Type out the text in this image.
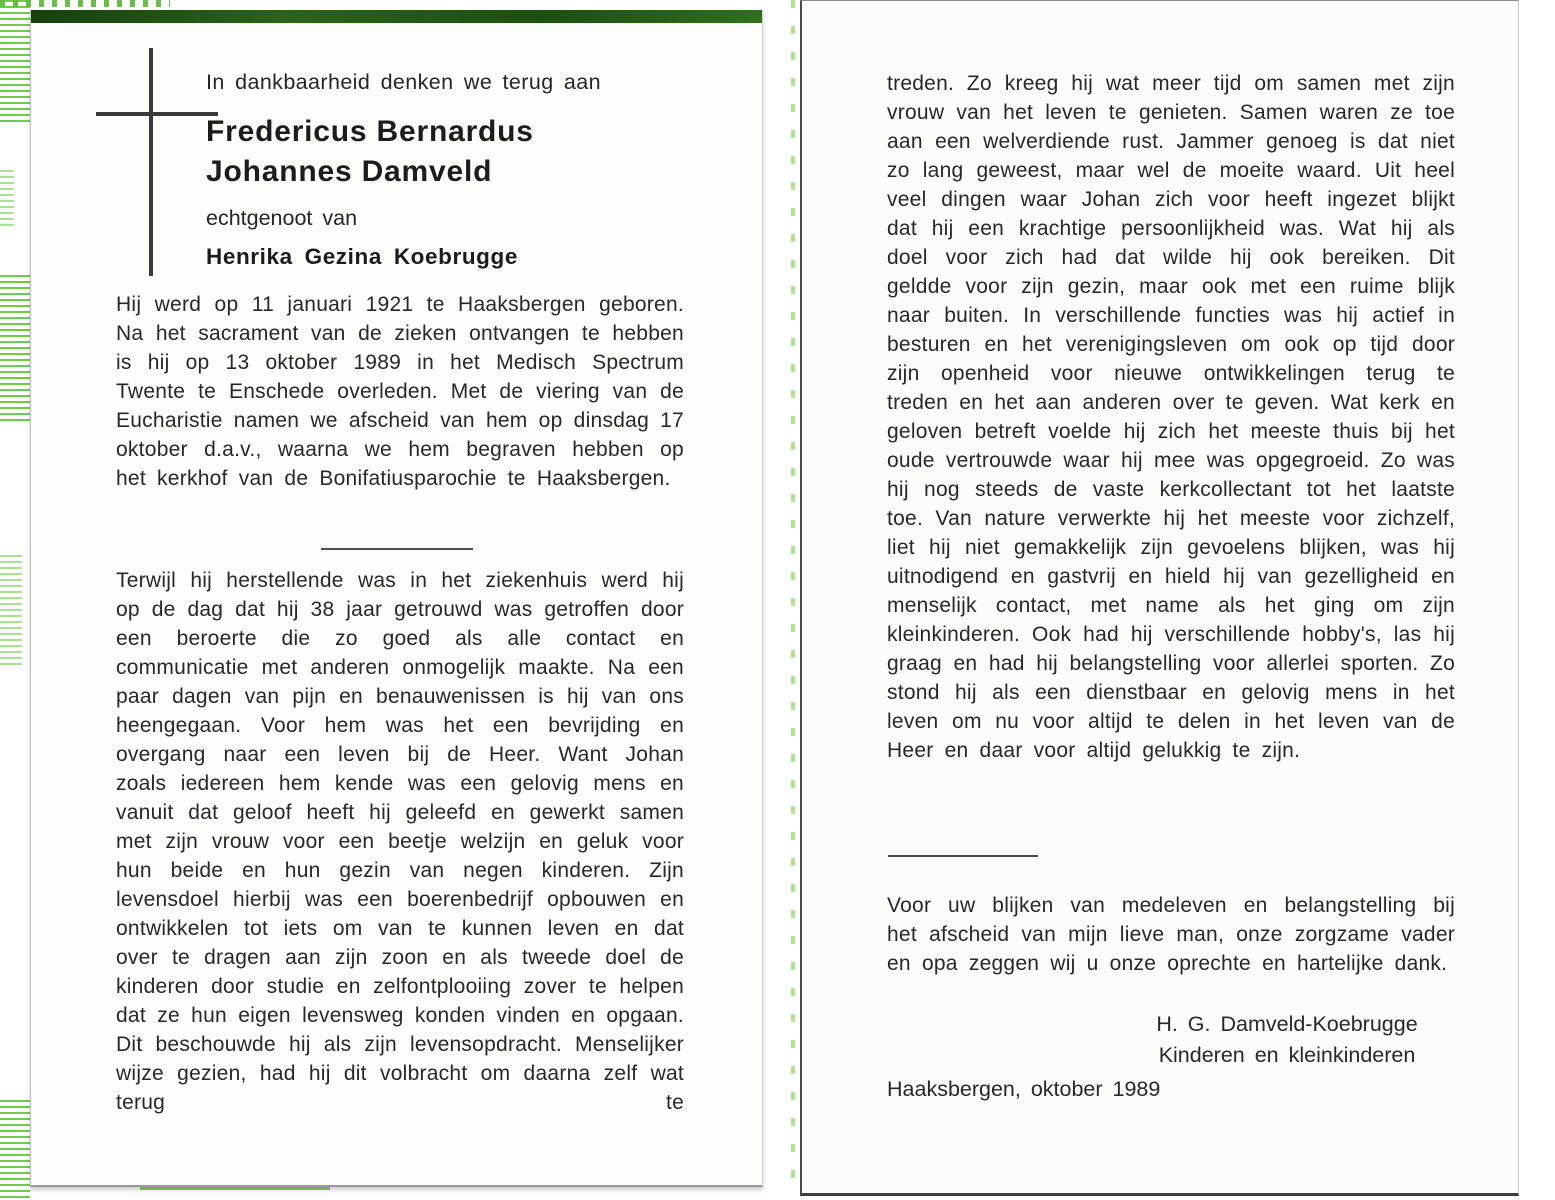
In dankbaarheid denken we terug aan
Fredericus Bernardus
Johannes Damveld
echtgenoot van
Henrika Gezina Koebrugge
Hij werd op 11 januari 1921 te Haaksbergen geboren. Na het sacrament van de zieken ontvangen te hebben is hij op 13 oktober 1989 in het Medisch Spectrum Twente te Enschede overleden. Met de viering van de Eucharistie namen we afscheid van hem op dinsdag 17 oktober d.a.v., waarna we hem begraven hebben op het kerkhof van de Bonifatiusparochie te Haaksbergen.
Terwijl hij herstellende was in het ziekenhuis werd hij op de dag dat hij 38 jaar getrouwd was getroffen door een beroerte die zo goed als alle contact en communicatie met anderen onmogelijk maakte. Na een paar dagen van pijn en benauwenissen is hij van ons heengegaan. Voor hem was het een bevrijding en overgang naar een leven bij de Heer. Want Johan zoals iedereen hem kende was een gelovig mens en vanuit dat geloof heeft hij geleefd en gewerkt samen met zijn vrouw voor een beetje welzijn en geluk voor hun beide en hun gezin van negen kinderen. Zijn levensdoel hierbij was een boerenbedrijf opbouwen en ontwikkelen tot iets om van te kunnen leven en dat over te dragen aan zijn zoon en als tweede doel de kinderen door studie en zelfontplooiing zover te helpen dat ze hun eigen levensweg konden vinden en opgaan. Dit beschouwde hij als zijn levensopdracht. Menselijker wijze gezien, had hij dit volbracht om daarna zelf wat terug te
treden. Zo kreeg hij wat meer tijd om samen met zijn vrouw van het leven te genieten. Samen waren ze toe aan een welverdiende rust. Jammer genoeg is dat niet zo lang geweest, maar wel de moeite waard. Uit heel veel dingen waar Johan zich voor heeft ingezet blijkt dat hij een krachtige persoonlijkheid was. Wat hij als doel voor zich had dat wilde hij ook bereiken. Dit geldde voor zijn gezin, maar ook met een ruime blijk naar buiten. In verschillende functies was hij actief in besturen en het verenigingsleven om ook op tijd door zijn openheid voor nieuwe ontwikkelingen terug te treden en het aan anderen over te geven. Wat kerk en geloven betreft voelde hij zich het meeste thuis bij het oude vertrouwde waar hij mee was opgegroeid. Zo was hij nog steeds de vaste kerkcollectant tot het laatste toe. Van nature verwerkte hij het meeste voor zichzelf, liet hij niet gemakkelijk zijn gevoelens blijken, was hij uitnodigend en gastvrij en hield hij van gezelligheid en menselijk contact, met name als het ging om zijn kleinkinderen. Ook had hij verschillende hobby's, las hij graag en had hij belangstelling voor allerlei sporten. Zo stond hij als een dienstbaar en gelovig mens in het leven om nu voor altijd te delen in het leven van de Heer en daar voor altijd gelukkig te zijn.
Voor uw blijken van medeleven en belangstelling bij het afscheid van mijn lieve man, onze zorgzame vader en opa zeggen wij u onze oprechte en hartelijke dank.
H. G. Damveld-Koebrugge
Kinderen en kleinkinderen
Haaksbergen, oktober 1989
